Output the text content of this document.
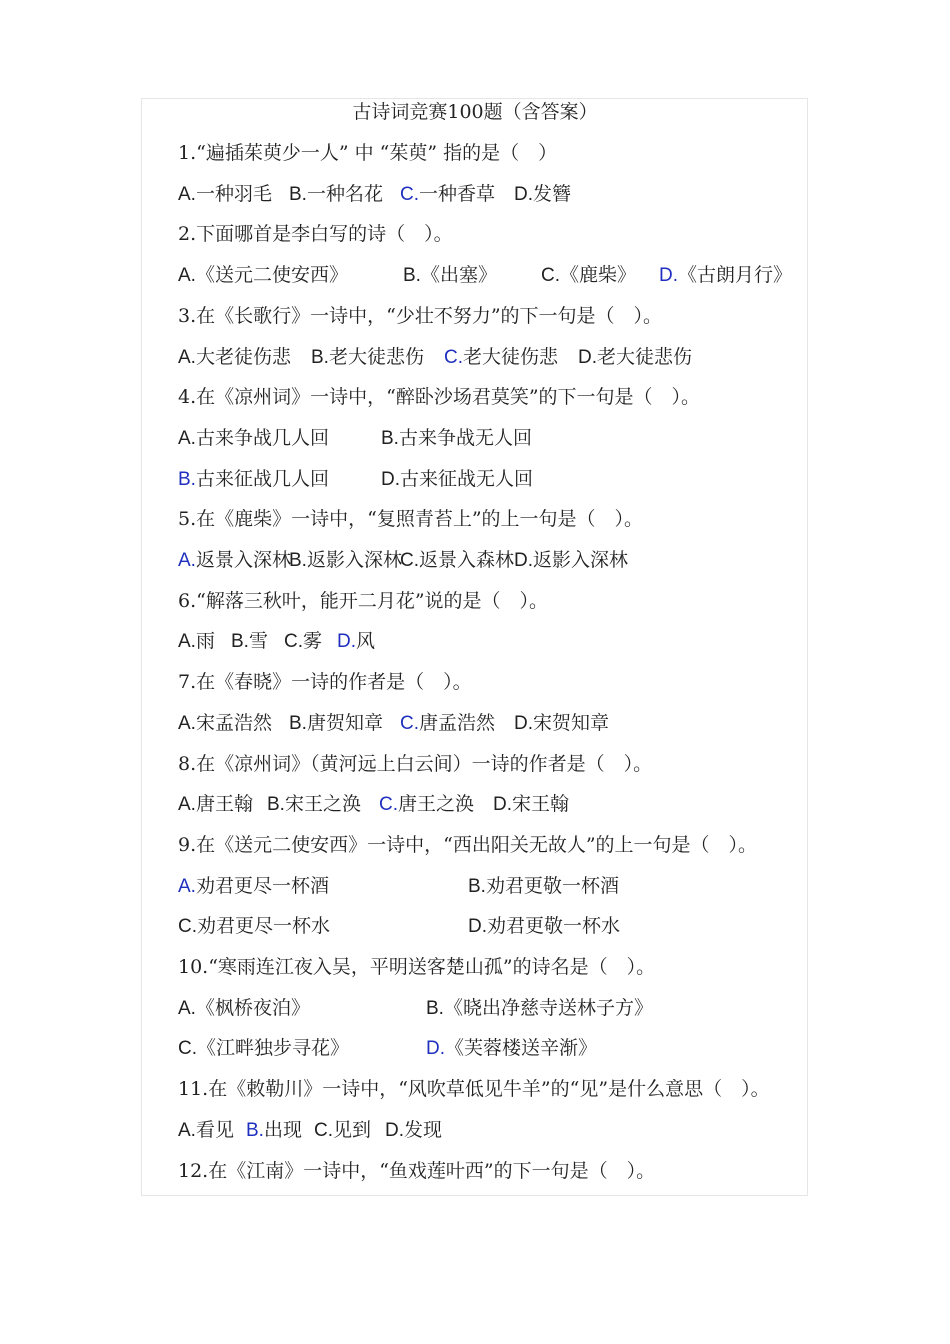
古诗词竞赛100题（含答案）
1.“遍插茱萸少一人” 中 “茱萸” 指的是（　）
A.一种羽毛 B.一种名花 C.一种香草 D.发簪
2.下面哪首是李白写的诗（　）。
A.《送元二使安西》	B.《出塞》 C.《鹿柴》 D.《古朗月行》
3.在《长歌行》一诗中，“少壮不努力”的下一句是（　）。
A.大老徒伤悲 B.老大徒悲伤 C.老大徒伤悲 D.老大徒悲伤
4.在《凉州词》一诗中，“醉卧沙场君莫笑”的下一句是（　）。
A.古来争战几人回	B.古来争战无人回
B.古来征战几人回	D.古来征战无人回
5.在《鹿柴》一诗中，“复照青苔上”的上一句是（　）。
A.返景入深林
B.返影入深林
C.返景入森林 D.返影入深林
6.“解落三秋叶，能开二月花”说的是（　）。
A.雨 B.雪 C.雾 D.风
7.在《春晓》一诗的作者是（　）。
A.宋孟浩然 B.唐贺知章 C.唐孟浩然 D.宋贺知章
8.在《凉州词》（黄河远上白云间）一诗的作者是（　）。
A.唐王翰 B.宋王之涣 C.唐王之涣 D.宋王翰
9.在《送元二使安西》一诗中，“西出阳关无故人”的上一句是（　）。
A.劝君更尽一杯酒	B.劝君更敬一杯酒
C.劝君更尽一杯水	D.劝君更敬一杯水
10.“寒雨连江夜入吴，平明送客楚山孤”的诗名是（　）。
A.《枫桥夜泊》	B.《晓出净慈寺送林子方》
C.《江畔独步寻花》	D.《芙蓉楼送辛渐》
11.在《敕勒川》一诗中，“风吹草低见牛羊”的“见”是什么意思（　）。
A.看见 B.出现 C.见到 D.发现
12.在《江南》一诗中，“鱼戏莲叶西”的下一句是（　）。
